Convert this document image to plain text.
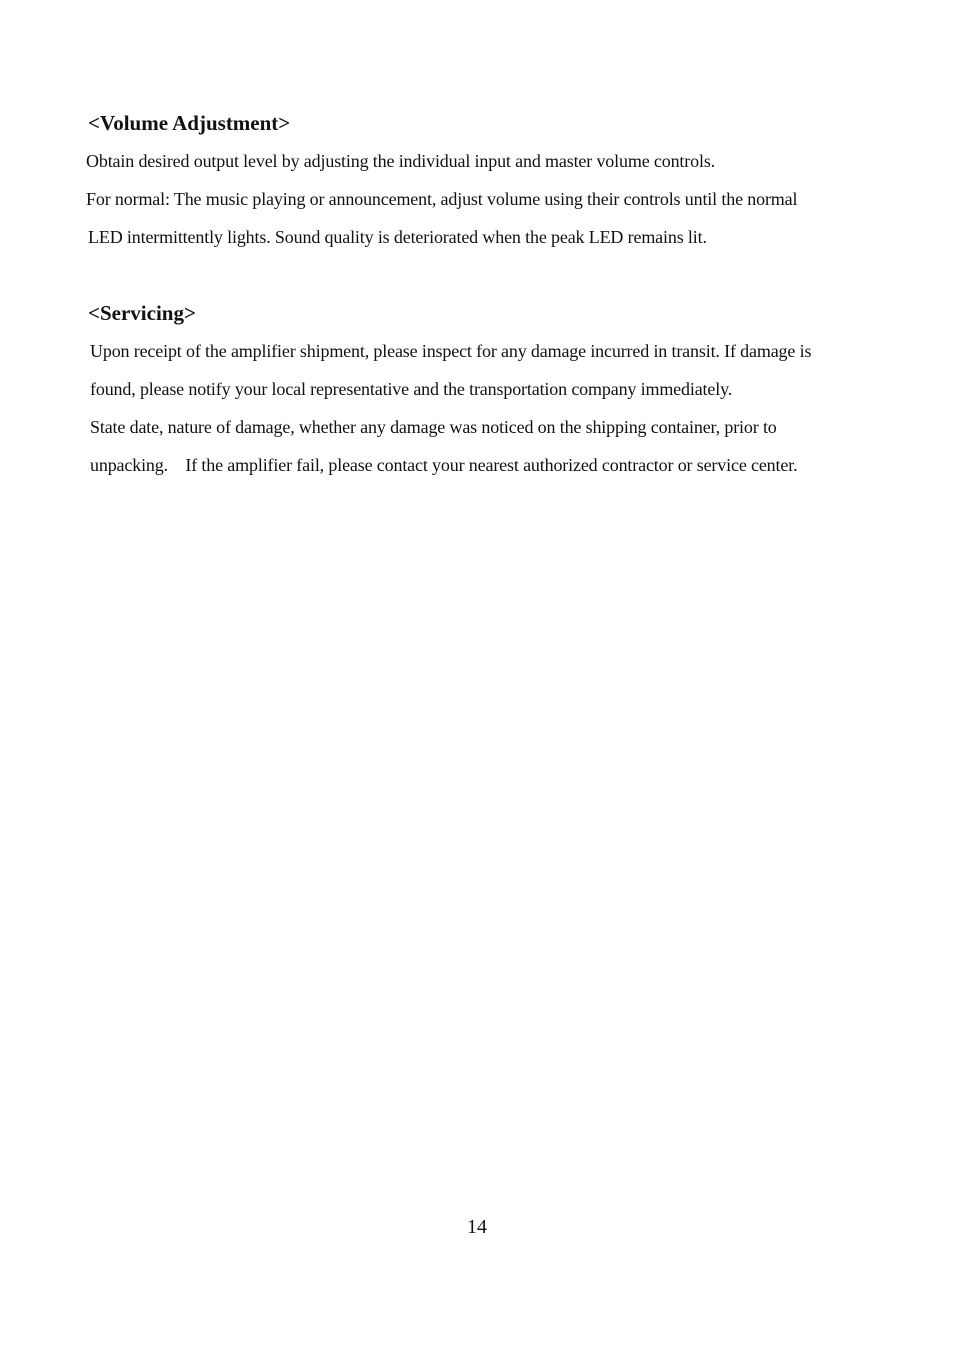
<Volume Adjustment>
Obtain desired output level by adjusting the individual input and master volume controls.
For normal: The music playing or announcement, adjust volume using their controls until the normal
LED intermittently lights. Sound quality is deteriorated when the peak LED remains lit.
<Servicing>
Upon receipt of the amplifier shipment, please inspect for any damage incurred in transit. If damage is
found, please notify your local representative and the transportation company immediately.
State date, nature of damage, whether any damage was noticed on the shipping container, prior to
unpacking.    If the amplifier fail, please contact your nearest authorized contractor or service center.
14
